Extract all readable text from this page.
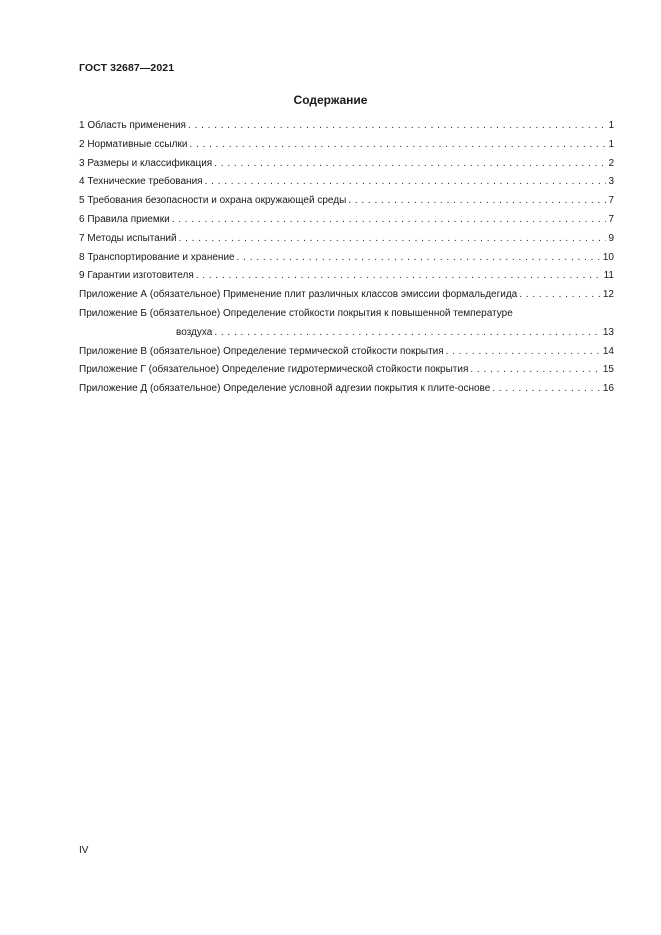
ГОСТ 32687—2021
Содержание
1 Область применения . . .	1
2 Нормативные ссылки . . .	1
3 Размеры и классификация . . .	2
4 Технические требования . . .	3
5 Требования безопасности и охрана окружающей среды . . .	7
6 Правила приемки . . .	7
7 Методы испытаний . . .	9
8 Транспортирование и хранение . . .	10
9 Гарантии изготовителя . . .	11
Приложение А (обязательное) Применение плит различных классов эмиссии формальдегида . . .	12
Приложение Б (обязательное) Определение стойкости покрытия к повышенной температуре
воздуха . . .	13
Приложение В (обязательное) Определение термической стойкости покрытия . . .	14
Приложение Г (обязательное) Определение гидротермической стойкости покрытия . . .	15
Приложение Д (обязательное) Определение условной адгезии покрытия к плите-основе . . .	16
IV
